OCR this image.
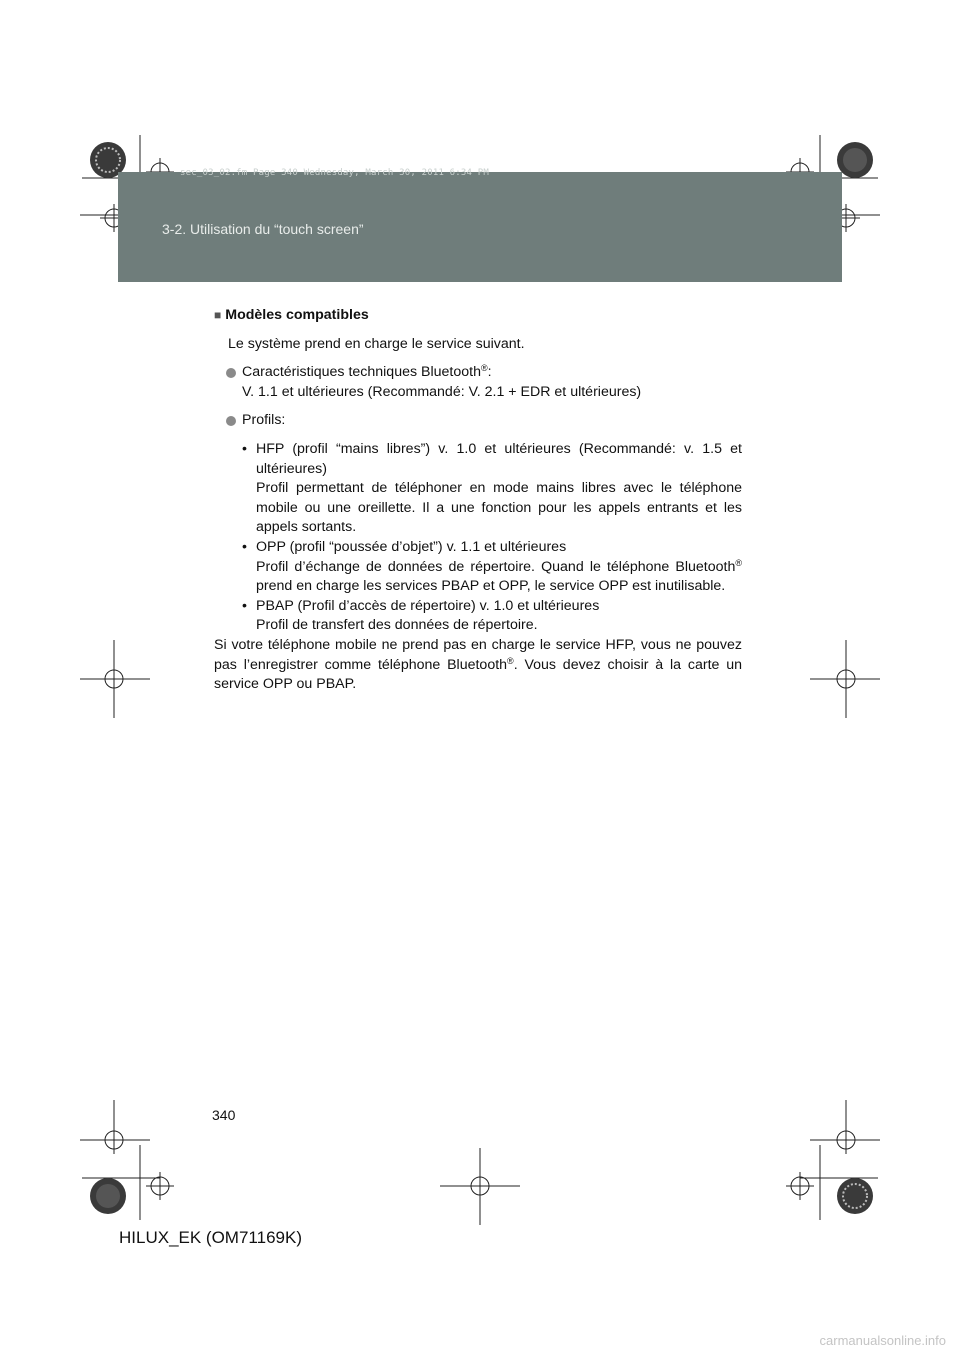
sec_03_02.fm Page 340 Wednesday, March 30, 2011 6:34 PM
3-2. Utilisation du “touch screen”
■ Modèles compatibles

Le système prend en charge le service suivant.

Caractéristiques techniques Bluetooth®:
V. 1.1 et ultérieures (Recommandé: V. 2.1 + EDR et ultérieures)
Profils:
• HFP (profil “mains libres”) v. 1.0 et ultérieures (Recommandé: v. 1.5 et ultérieures)
Profil permettant de téléphoner en mode mains libres avec le téléphone mobile ou une oreillette. Il a une fonction pour les appels entrants et les appels sortants.
• OPP (profil “poussée d’objet”) v. 1.1 et ultérieures
Profil d’échange de données de répertoire. Quand le téléphone Bluetooth® prend en charge les services PBAP et OPP, le service OPP est inutilisable.
• PBAP (Profil d’accès de répertoire) v. 1.0 et ultérieures
Profil de transfert des données de répertoire.

Si votre téléphone mobile ne prend pas en charge le service HFP, vous ne pouvez pas l’enregistrer comme téléphone Bluetooth®. Vous devez choisir à la carte un service OPP ou PBAP.

340
HILUX_EK (OM71169K)
carmanualsonline.info
